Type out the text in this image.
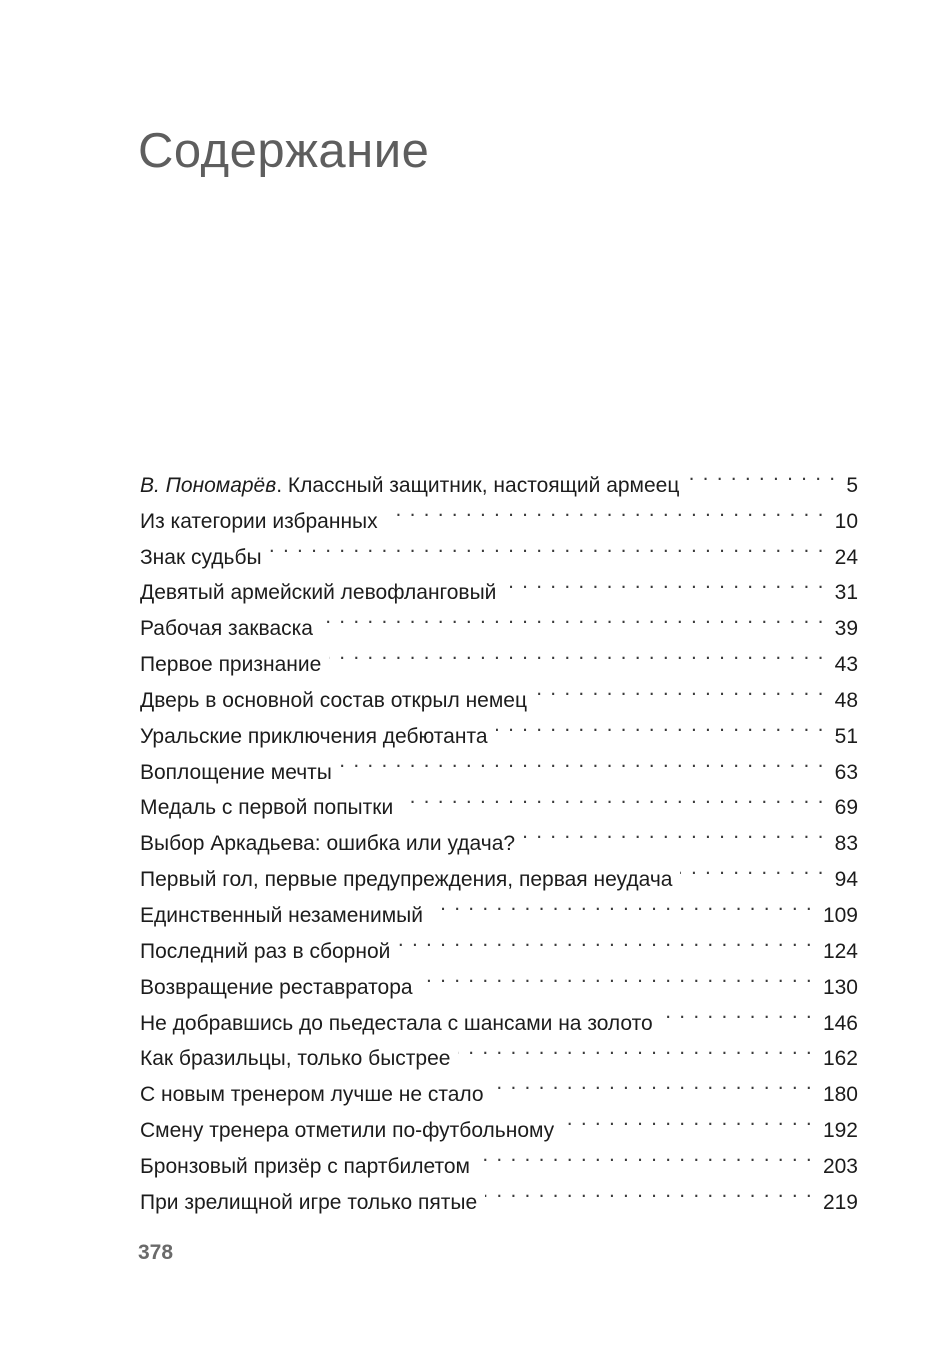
Содержание
В. Пономарёв. Классный защитник, настоящий армеец . . .	5
Из категории избранных . . .	10
Знак судьбы . . .	24
Девятый армейский левофланговый . . .	31
Рабочая закваска . . .	39
Первое признание . . .	43
Дверь в основной состав открыл немец . . .	48
Уральские приключения дебютанта . . .	51
Воплощение мечты . . .	63
Медаль с первой попытки . . .	69
Выбор Аркадьева: ошибка или удача? . . .	83
Первый гол, первые предупреждения, первая неудача . . .	94
Единственный незаменимый . . .	109
Последний раз в сборной . . .	124
Возвращение реставратора . . .	130
Не добравшись до пьедестала с шансами на золото . . .	146
Как бразильцы, только быстрее . . .	162
С новым тренером лучше не стало . . .	180
Смену тренера отметили по-футбольному . . .	192
Бронзовый призёр с партбилетом . . .	203
При зрелищной игре только пятые . . .	219
378
